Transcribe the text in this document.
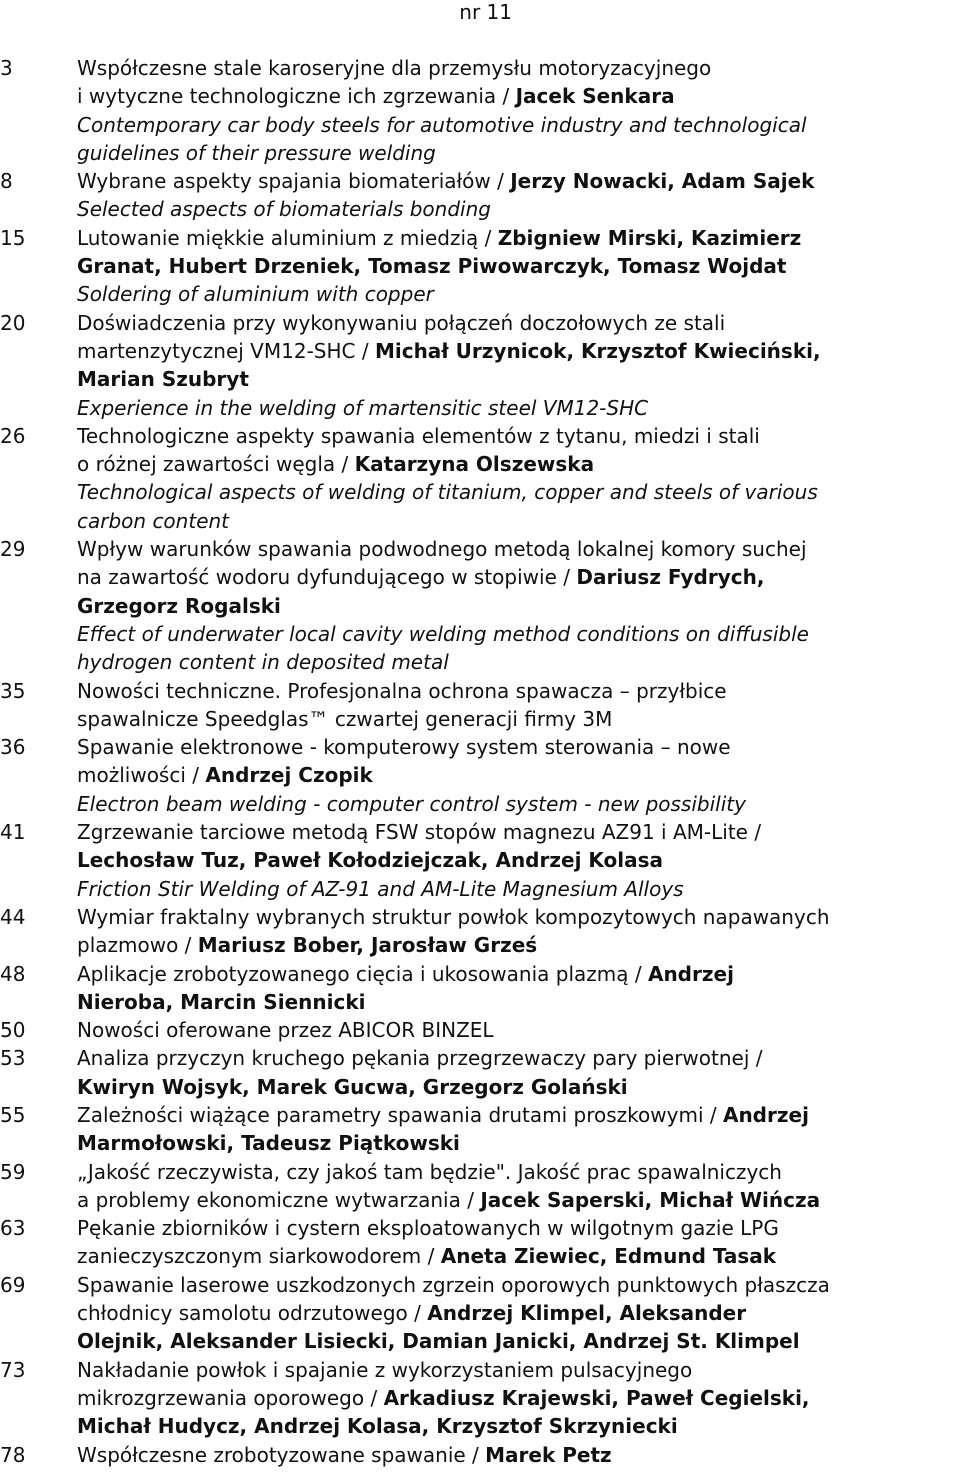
nr 11
3	Współczesne stale karoseryjne dla przemysłu motoryzacyjnego
i wytyczne technologiczne ich zgrzewania / Jacek Senkara
Contemporary car body steels for automotive industry and technological
guidelines of their pressure welding
8	Wybrane aspekty spajania biomateriałów / Jerzy Nowacki, Adam Sajek
Selected aspects of biomaterials bonding
15	Lutowanie miękkie aluminium z miedzią / Zbigniew Mirski, Kazimierz
Granat, Hubert Drzeniek, Tomasz Piwowarczyk, Tomasz Wojdat
Soldering of aluminium with copper
20	Doświadczenia przy wykonywaniu połączeń doczołowych ze stali
martenzytycznej VM12-SHC / Michał Urzynicok, Krzysztof Kwieciński,
Marian Szubryt
Experience in the welding of martensitic steel VM12-SHC
26	Technologiczne aspekty spawania elementów z tytanu, miedzi i stali
o różnej zawartości węgla / Katarzyna Olszewska
Technological aspects of welding of titanium, copper and steels of various
carbon content
29	Wpływ warunków spawania podwodnego metodą lokalnej komory suchej
na zawartość wodoru dyfundującego w stopiwie / Dariusz Fydrych,
Grzegorz Rogalski
Effect of underwater local cavity welding method conditions on diffusible
hydrogen content in deposited metal
35	Nowości techniczne. Profesjonalna ochrona spawacza – przyłbice
spawalnicze Speedglas™ czwartej generacji firmy 3M
36	Spawanie elektronowe - komputerowy system sterowania – nowe
możliwości / Andrzej Czopik
Electron beam welding - computer control system - new possibility
41	Zgrzewanie tarciowe metodą FSW stopów magnezu AZ91 i AM-Lite /
Lechosław Tuz, Paweł Kołodziejczak, Andrzej Kolasa
Friction Stir Welding of AZ-91 and AM-Lite Magnesium Alloys
44	Wymiar fraktalny wybranych struktur powłok kompozytowych napawanych
plazmowo / Mariusz Bober, Jarosław Grześ
48	Aplikacje zrobotyzowanego cięcia i ukosowania plazmą / Andrzej
Nieroba, Marcin Siennicki
50	Nowości oferowane przez ABICOR BINZEL
53	Analiza przyczyn kruchego pękania przegrzewaczy pary pierwotnej /
Kwiryn Wojsyk, Marek Gucwa, Grzegorz Golański
55	Zależności wiążące parametry spawania drutami proszkowymi / Andrzej
Marmołowski, Tadeusz Piątkowski
59	„Jakość rzeczywista, czy jakoś tam będzie". Jakość prac spawalniczych
a problemy ekonomiczne wytwarzania / Jacek Saperski, Michał Wińcza
63	Pękanie zbiorników i cystern eksploatowanych w wilgotnym gazie LPG
zanieczyszczonym siarkowodorem / Aneta Ziewiec, Edmund Tasak
69	Spawanie laserowe uszkodzonych zgrzein oporowych punktowych płaszcza
chłodnicy samolotu odrzutowego / Andrzej Klimpel, Aleksander
Olejnik, Aleksander Lisiecki, Damian Janicki, Andrzej St. Klimpel
73	Nakładanie powłok i spajanie z wykorzystaniem pulsacyjnego
mikrozgrzewania oporowego / Arkadiusz Krajewski, Paweł Cegielski,
Michał Hudycz, Andrzej Kolasa, Krzysztof Skrzyniecki
78	Współczesne zrobotyzowane spawanie / Marek Petz
